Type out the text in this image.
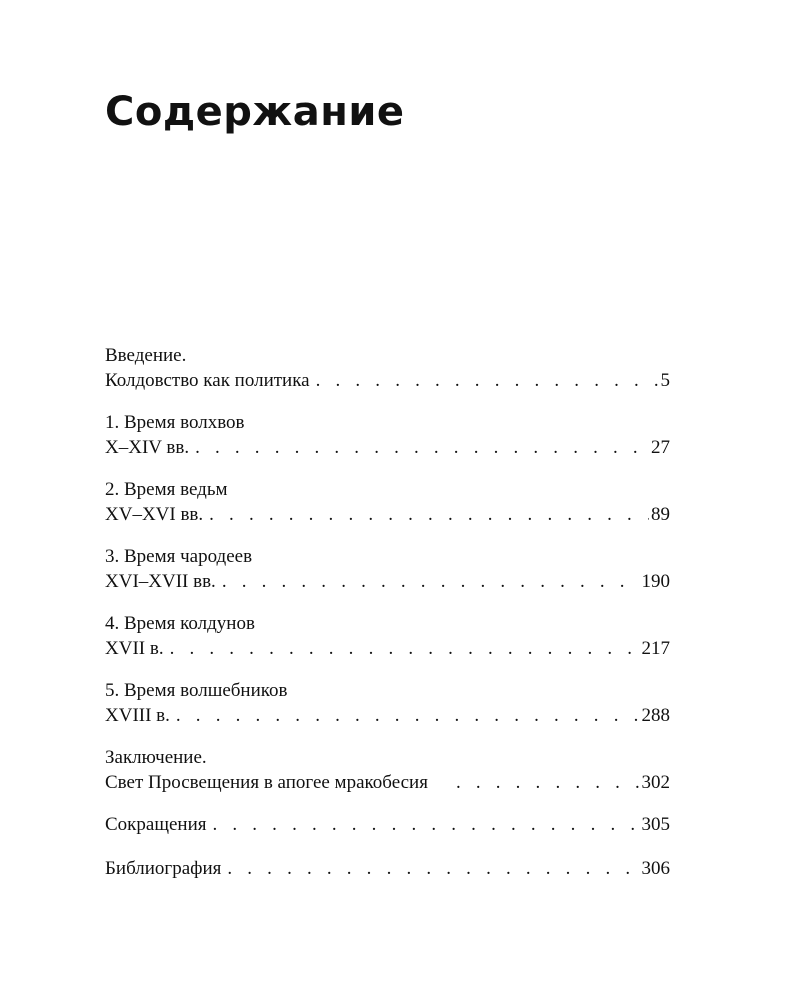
Содержание
Введение.
Колдовство как политика . . .	5
1. Время волхвов
X–XIV вв. . . .	27
2. Время ведьм
XV–XVI вв. . . .	89
3. Время чародеев
XVI–XVII вв. . . .	190
4. Время колдунов
XVII в. . . .	217
5. Время волшебников
XVIII в. . . .	288
Заключение.
Свет Просвещения в апогее мракобесия . . .	302
Сокращения . . .	305
Библиография . . .	306
